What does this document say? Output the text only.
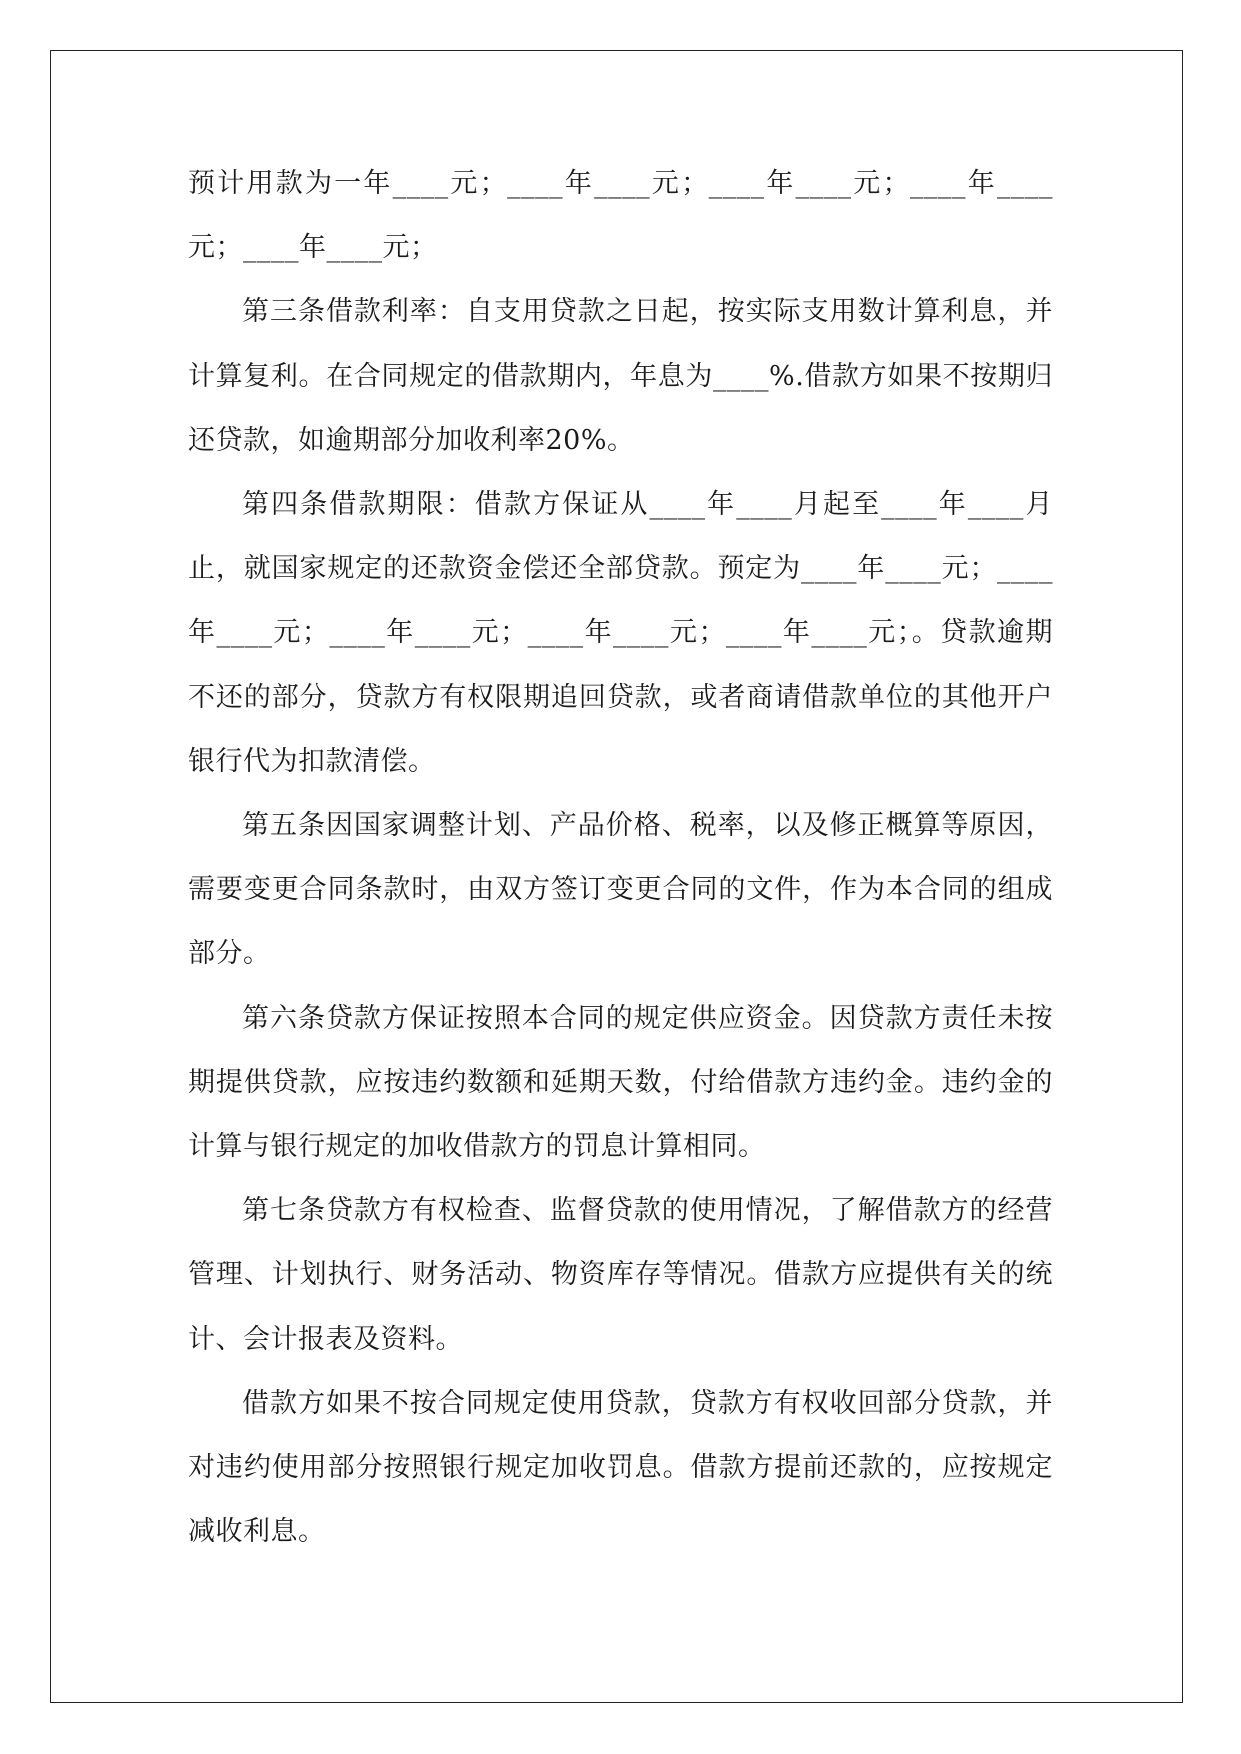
预计用款为一年____元；____年____元；____年____元；____年____元；____年____元；

第三条借款利率：自支用贷款之日起，按实际支用数计算利息，并计算复利。在合同规定的借款期内，年息为____%.借款方如果不按期归还贷款，如逾期部分加收利率20%。

第四条借款期限：借款方保证从____年____月起至____年____月止，就国家规定的还款资金偿还全部贷款。预定为____年____元；____年____元；____年____元；____年____元；____年____元；。贷款逾期不还的部分，贷款方有权限期追回贷款，或者商请借款单位的其他开户银行代为扣款清偿。

第五条因国家调整计划、产品价格、税率，以及修正概算等原因，需要变更合同条款时，由双方签订变更合同的文件，作为本合同的组成部分。

第六条贷款方保证按照本合同的规定供应资金。因贷款方责任未按期提供贷款，应按违约数额和延期天数，付给借款方违约金。违约金的计算与银行规定的加收借款方的罚息计算相同。

第七条贷款方有权检查、监督贷款的使用情况，了解借款方的经营管理、计划执行、财务活动、物资库存等情况。借款方应提供有关的统计、会计报表及资料。

借款方如果不按合同规定使用贷款，贷款方有权收回部分贷款，并对违约使用部分按照银行规定加收罚息。借款方提前还款的，应按规定减收利息。
